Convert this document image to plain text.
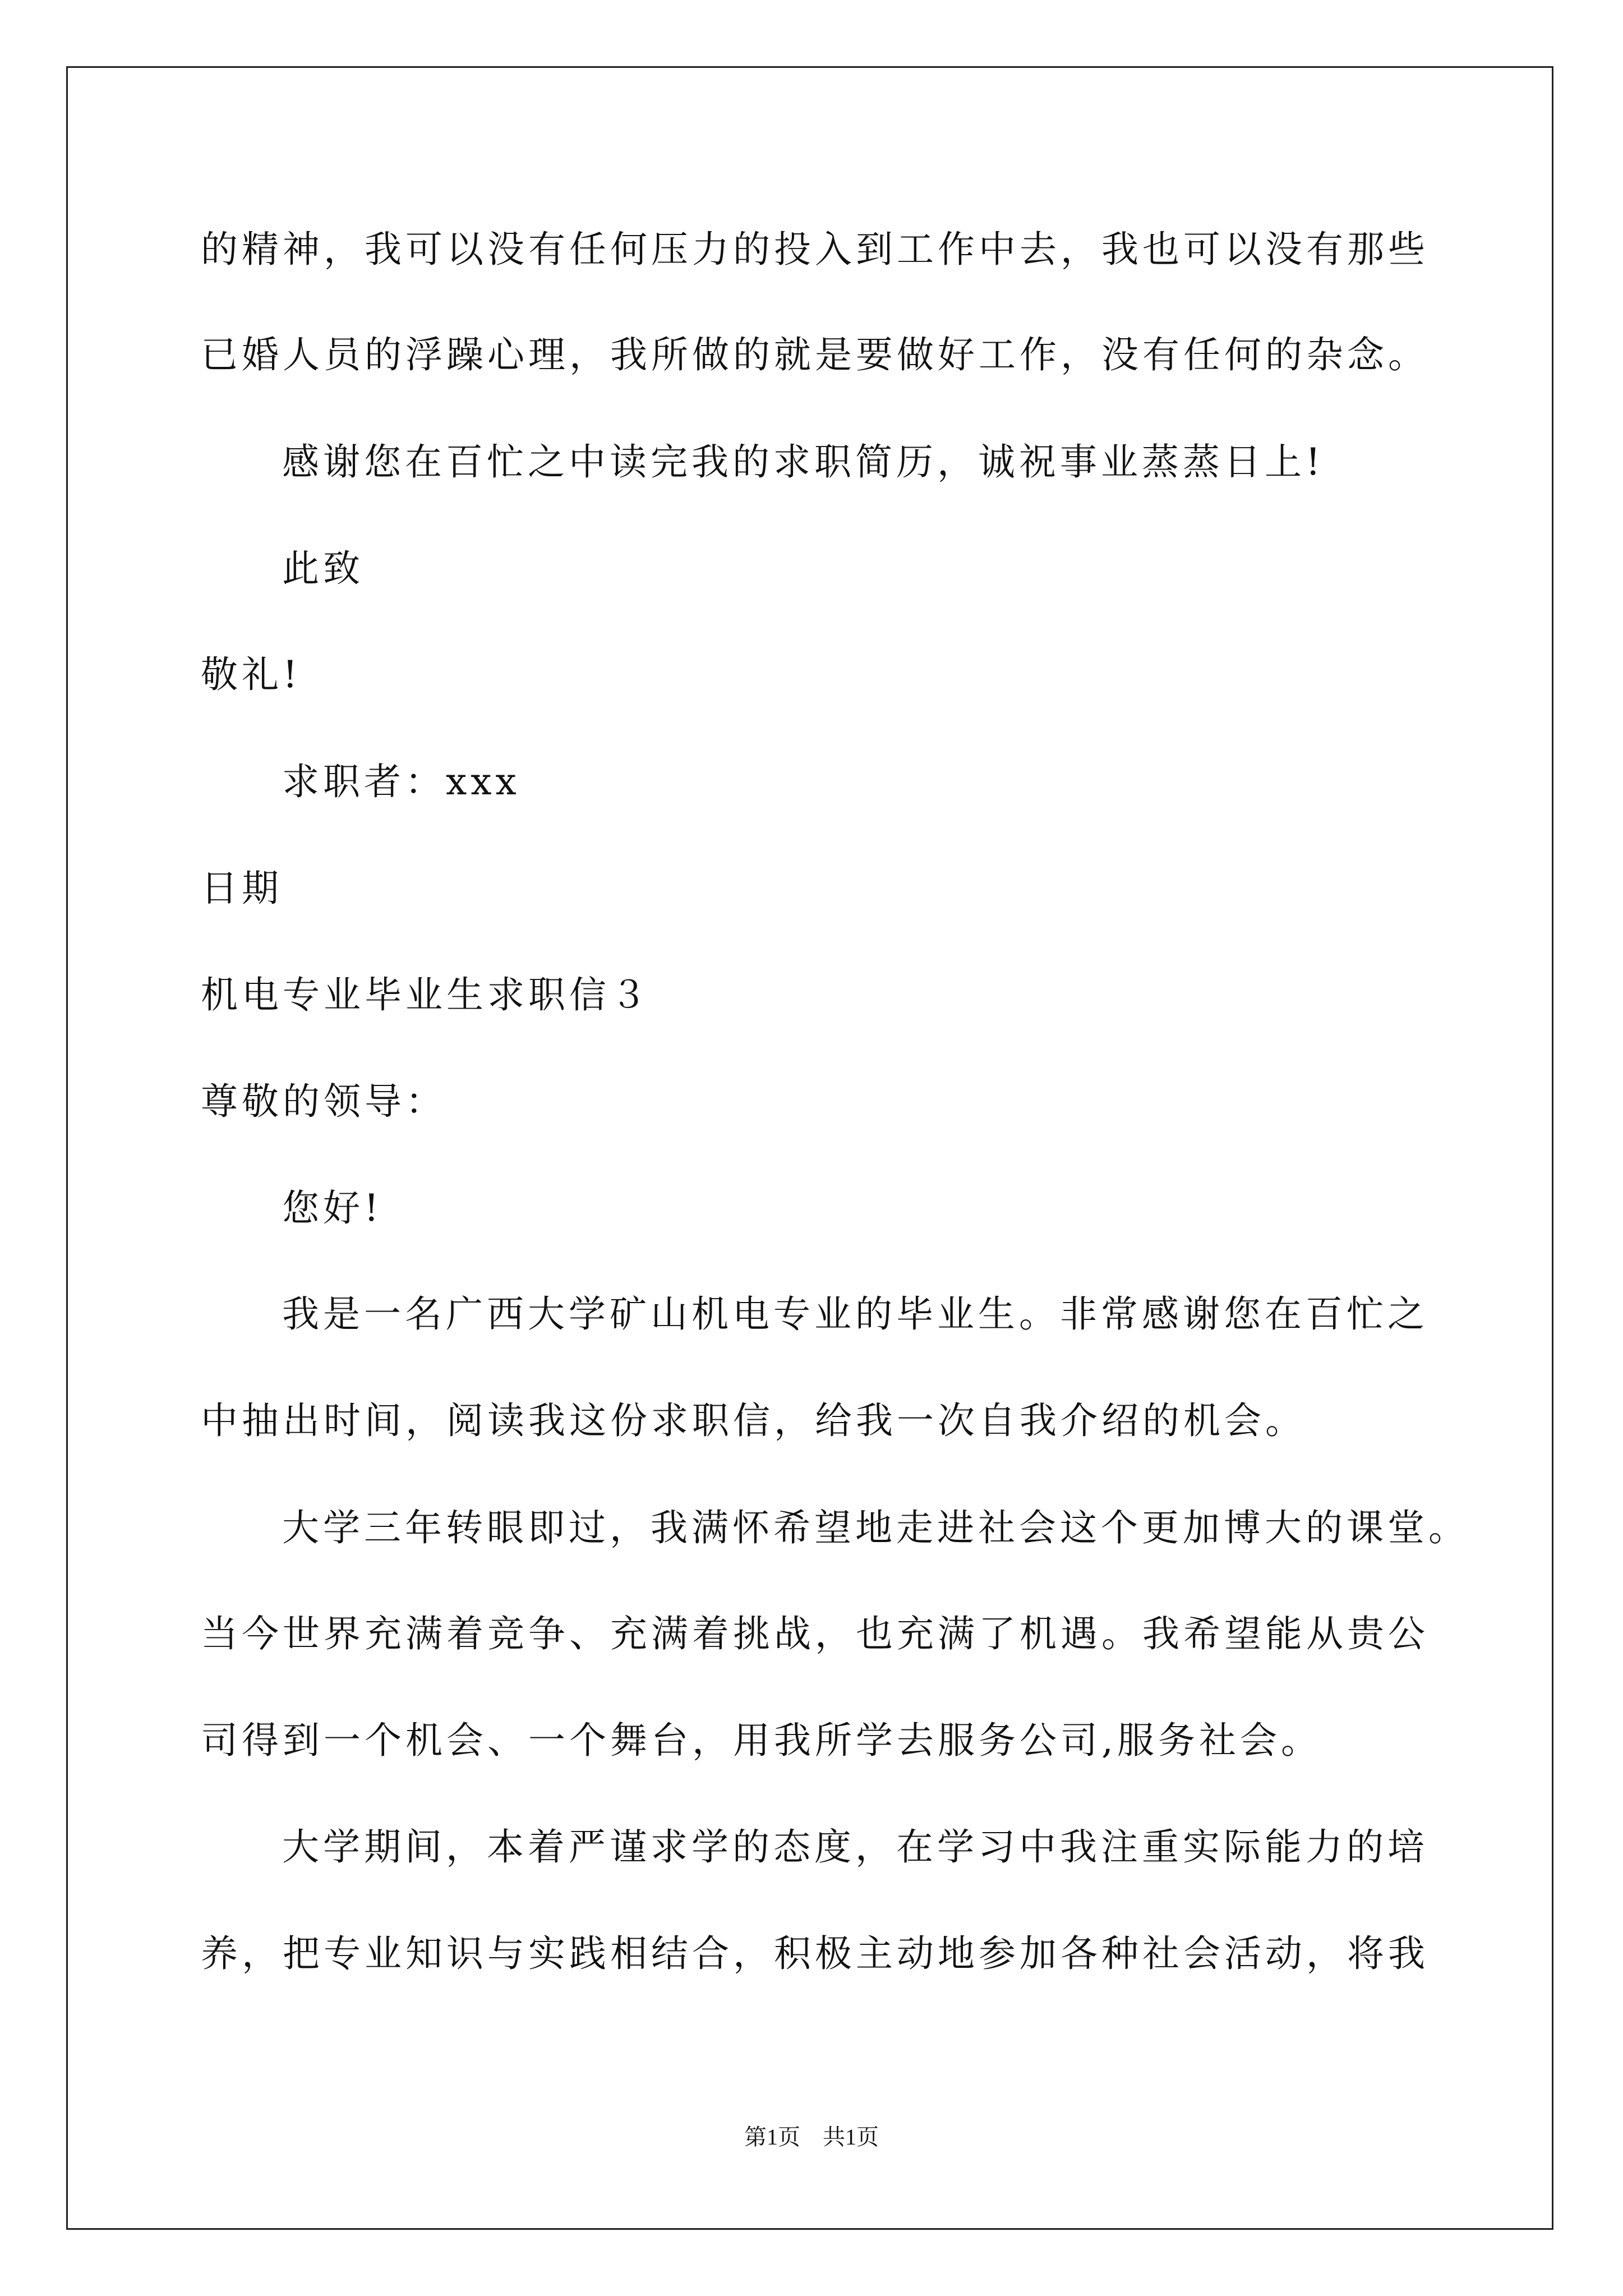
的精神，我可以没有任何压力的投入到工作中去，我也可以没有那些
已婚人员的浮躁心理，我所做的就是要做好工作，没有任何的杂念。
感谢您在百忙之中读完我的求职简历，诚祝事业蒸蒸日上!
此致
敬礼!
求职者：xxx
日期
机电专业毕业生求职信３
尊敬的领导：
您好!
我是一名广西大学矿山机电专业的毕业生。非常感谢您在百忙之
中抽出时间，阅读我这份求职信，给我一次自我介绍的机会。
大学三年转眼即过，我满怀希望地走进社会这个更加博大的课堂。
当今世界充满着竞争、充满着挑战，也充满了机遇。我希望能从贵公
司得到一个机会、一个舞台，用我所学去服务公司,服务社会。
大学期间，本着严谨求学的态度，在学习中我注重实际能力的培
养，把专业知识与实践相结合，积极主动地参加各种社会活动，将我
第1页　共1页
